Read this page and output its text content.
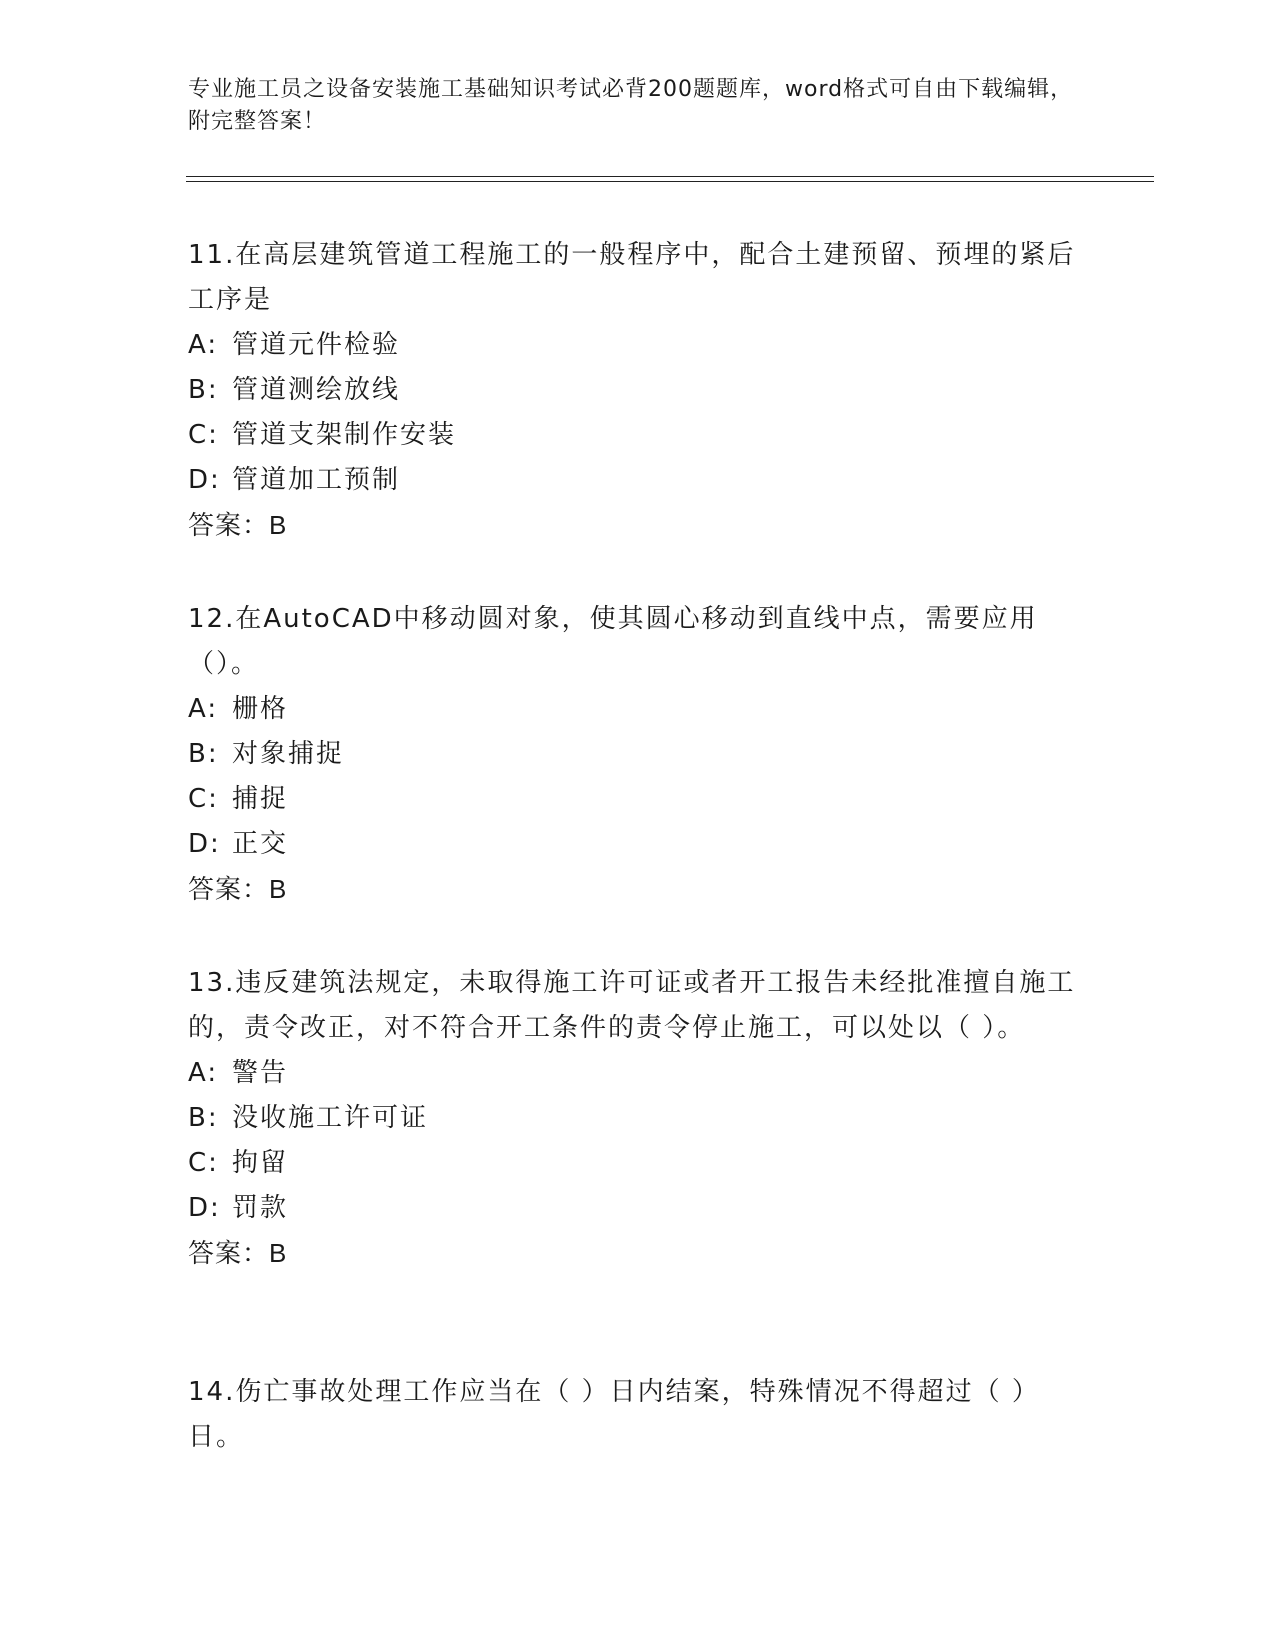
专业施工员之设备安装施工基础知识考试必背200题题库，word格式可自由下载编辑，附完整答案！
11.在高层建筑管道工程施工的一般程序中，配合土建预留、预埋的紧后工序是
A: 管道元件检验
B: 管道测绘放线
C: 管道支架制作安装
D: 管道加工预制
答案：B
12.在AutoCAD中移动圆对象，使其圆心移动到直线中点，需要应用（）。
A: 栅格
B: 对象捕捉
C: 捕捉
D: 正交
答案：B
13.违反建筑法规定，未取得施工许可证或者开工报告未经批准擅自施工的，责令改正，对不符合开工条件的责令停止施工，可以处以（ ）。
A: 警告
B: 没收施工许可证
C: 拘留
D: 罚款
答案：B
14.伤亡事故处理工作应当在（ ）日内结案，特殊情况不得超过（ ）日。
